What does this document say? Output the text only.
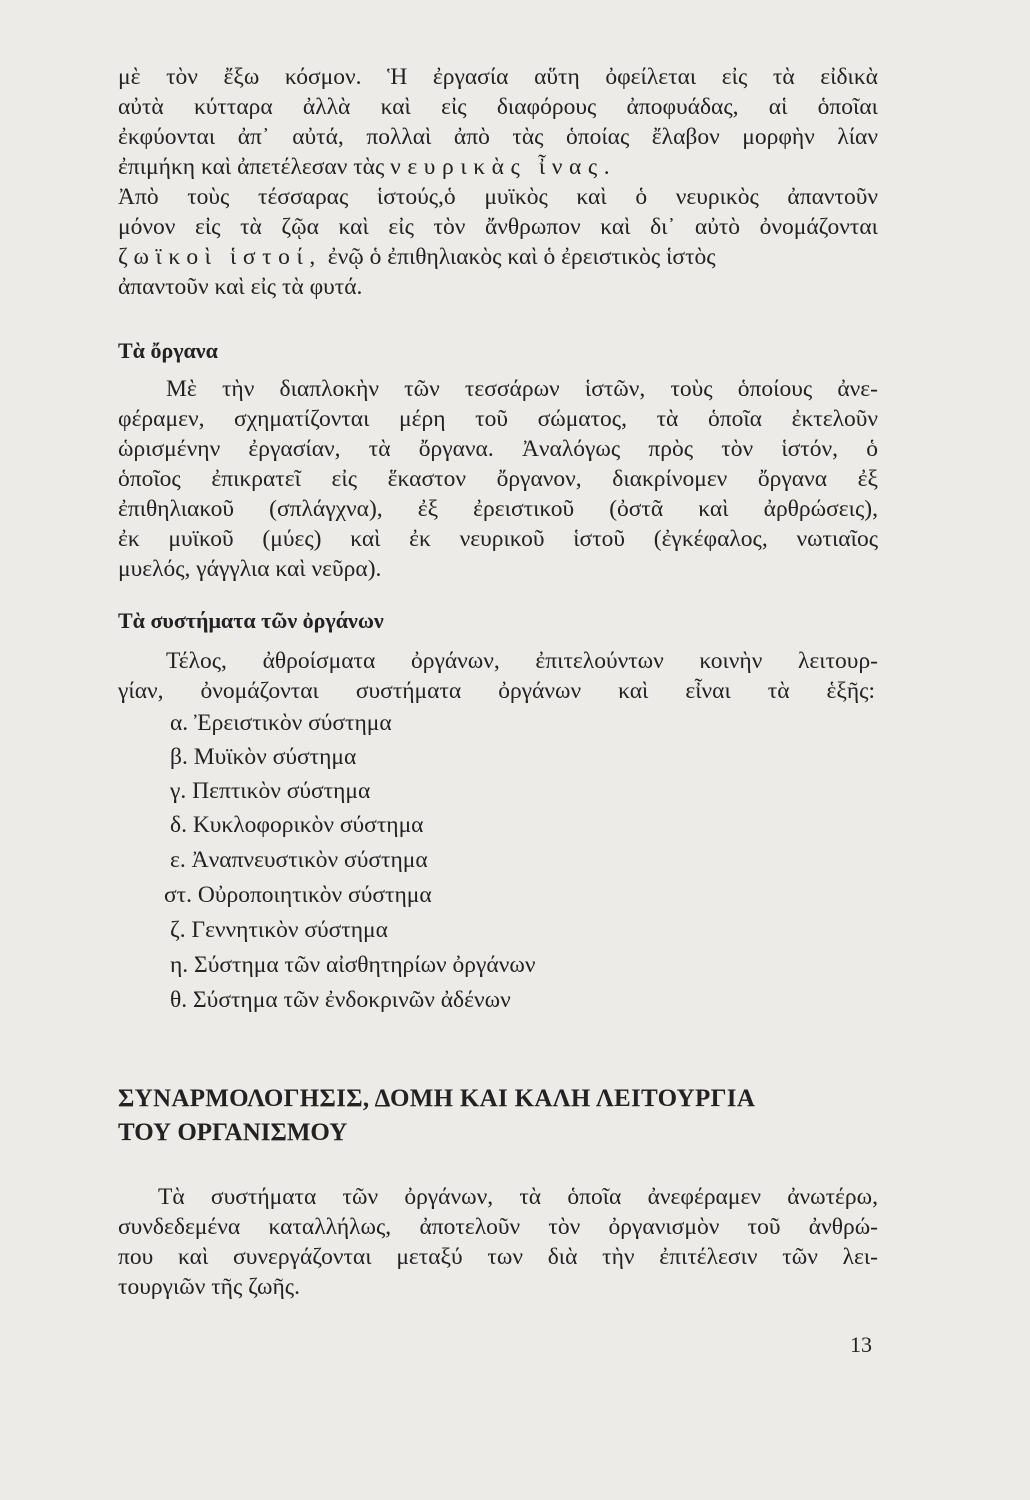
μὲ τὸν ἔξω κόσμον. Ἡ ἐργασία αὕτη ὀφείλεται εἰς τὰ εἰδικὰ
αὐτὰ κύτταρα ἀλλὰ καὶ εἰς διαφόρους ἀποφυάδας, αἱ ὁποῖαι
ἐκφύονται ἀπ᾽ αὐτά, πολλαὶ ἀπὸ τὰς ὁποίας ἔλαβον μορφὴν λίαν
ἐπιμήκη καὶ ἀπετέλεσαν τὰς νευρικὰς ἶνας.
Ἀπὸ τοὺς τέσσαρας ἱστούς,ὁ μυϊκὸς καὶ ὁ νευρικὸς ἀπαντοῦν
μόνον εἰς τὰ ζῷα καὶ εἰς τὸν ἄνθρωπον καὶ δι᾽ αὐτὸ ὀνομάζονται
ζωϊκοὶ ἱστοί, ἐνῷ ὁ ἐπιθηλιακὸς καὶ ὁ ἐρειστικὸς ἱστὸς
ἀπαντοῦν καὶ εἰς τὰ φυτά.
Τὰ ὄργανα
Μὲ τὴν διαπλοκὴν τῶν τεσσάρων ἱστῶν, τοὺς ὁποίους ἀνε-
φέραμεν, σχηματίζονται μέρη τοῦ σώματος, τὰ ὁποῖα ἐκτελοῦν
ὡρισμένην ἐργασίαν, τὰ ὄργανα. Ἀναλόγως πρὸς τὸν ἱστόν, ὁ
ὁποῖος ἐπικρατεῖ εἰς ἕκαστον ὄργανον, διακρίνομεν ὄργανα ἐξ
ἐπιθηλιακοῦ (σπλάγχνα), ἐξ ἐρειστικοῦ (ὀστᾶ καὶ ἀρθρώσεις),
ἐκ μυϊκοῦ (μύες) καὶ ἐκ νευρικοῦ ἱστοῦ (ἐγκέφαλος, νωτιαῖος
μυελός, γάγγλια καὶ νεῦρα).
Τὰ συστήματα τῶν ὀργάνων
Τέλος, ἀθροίσματα ὀργάνων, ἐπιτελούντων κοινὴν λειτουρ-
γίαν, ὀνομάζονται συστήματα ὀργάνων καὶ εἶναι τὰ ἑξῆς:
α. Ἐρειστικὸν σύστημα
β. Μυϊκὸν σύστημα
γ. Πεπτικὸν σύστημα
δ. Κυκλοφορικὸν σύστημα
ε. Ἀναπνευστικὸν σύστημα
στ. Οὐροποιητικὸν σύστημα
ζ. Γεννητικὸν σύστημα
η. Σύστημα τῶν αἰσθητηρίων ὀργάνων
θ. Σύστημα τῶν ἐνδοκρινῶν ἀδένων
ΣΥΝΑΡΜΟΛΟΓΗΣΙΣ, ΔΟΜΗ ΚΑΙ ΚΑΛΗ ΛΕΙΤΟΥΡΓΙΑ
ΤΟΥ ΟΡΓΑΝΙΣΜΟΥ
Τὰ συστήματα τῶν ὀργάνων, τὰ ὁποῖα ἀνεφέραμεν ἀνωτέρω,
συνδεδεμένα καταλλήλως, ἀποτελοῦν τὸν ὀργανισμὸν τοῦ ἀνθρώ-
που καὶ συνεργάζονται μεταξύ των διὰ τὴν ἐπιτέλεσιν τῶν λει-
τουργιῶν τῆς ζωῆς.
13
